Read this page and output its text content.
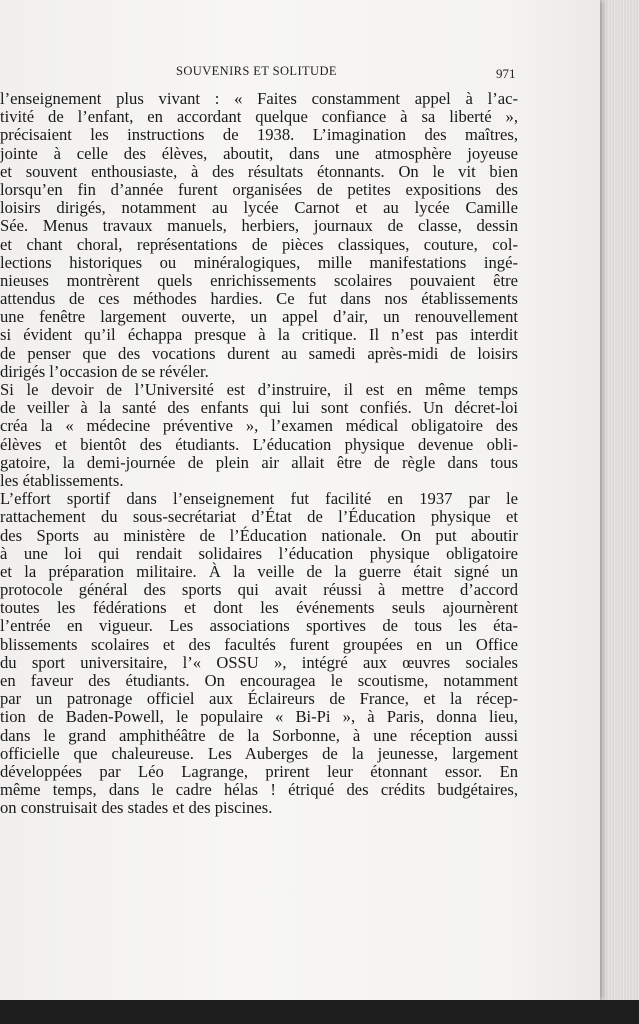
SOUVENIRS ET SOLITUDE	971
l’enseignement plus vivant : « Faites constamment appel à l’ac-
tivité de l’enfant, en accordant quelque confiance à sa liberté »,
précisaient les instructions de 1938. L’imagination des maîtres,
jointe à celle des élèves, aboutit, dans une atmosphère joyeuse
et souvent enthousiaste, à des résultats étonnants. On le vit bien
lorsqu’en fin d’année furent organisées de petites expositions des
loisirs dirigés, notamment au lycée Carnot et au lycée Camille
Sée. Menus travaux manuels, herbiers, journaux de classe, dessin
et chant choral, représentations de pièces classiques, couture, col-
lections historiques ou minéralogiques, mille manifestations ingé-
nieuses montrèrent quels enrichissements scolaires pouvaient être
attendus de ces méthodes hardies. Ce fut dans nos établissements
une fenêtre largement ouverte, un appel d’air, un renouvellement
si évident qu’il échappa presque à la critique. Il n’est pas interdit
de penser que des vocations durent au samedi après-midi de loisirs
dirigés l’occasion de se révéler.
Si le devoir de l’Université est d’instruire, il est en même temps
de veiller à la santé des enfants qui lui sont confiés. Un décret-loi
créa la « médecine préventive », l’examen médical obligatoire des
élèves et bientôt des étudiants. L’éducation physique devenue obli-
gatoire, la demi-journée de plein air allait être de règle dans tous
les établissements.
L’effort sportif dans l’enseignement fut facilité en 1937 par le
rattachement du sous-secrétariat d’État de l’Éducation physique et
des Sports au ministère de l’Éducation nationale. On put aboutir
à une loi qui rendait solidaires l’éducation physique obligatoire
et la préparation militaire. À la veille de la guerre était signé un
protocole général des sports qui avait réussi à mettre d’accord
toutes les fédérations et dont les événements seuls ajournèrent
l’entrée en vigueur. Les associations sportives de tous les éta-
blissements scolaires et des facultés furent groupées en un Office
du sport universitaire, l’« OSSU », intégré aux œuvres sociales
en faveur des étudiants. On encouragea le scoutisme, notamment
par un patronage officiel aux Éclaireurs de France, et la récep-
tion de Baden-Powell, le populaire « Bi-Pi », à Paris, donna lieu,
dans le grand amphithéâtre de la Sorbonne, à une réception aussi
officielle que chaleureuse. Les Auberges de la jeunesse, largement
développées par Léo Lagrange, prirent leur étonnant essor. En
même temps, dans le cadre hélas ! étriqué des crédits budgétaires,
on construisait des stades et des piscines.
